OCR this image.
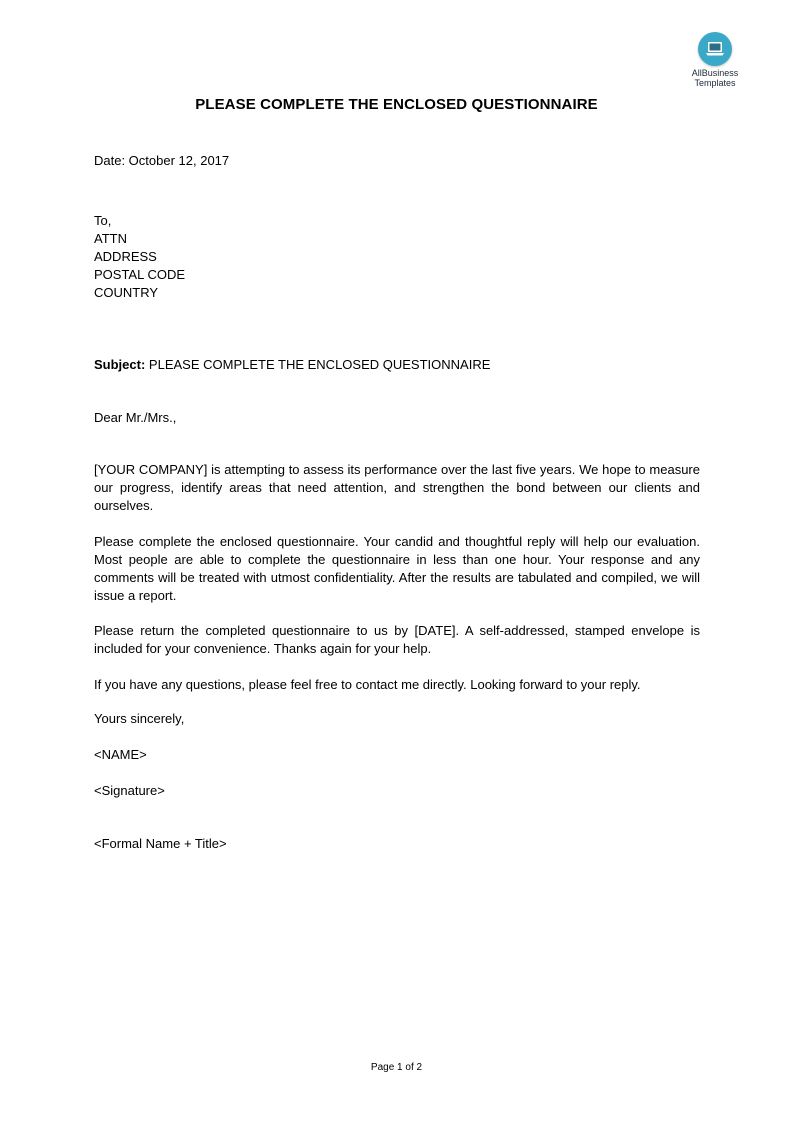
AllBusiness
Templates
PLEASE COMPLETE THE ENCLOSED QUESTIONNAIRE
Date: October 12, 2017
To,
ATTN
ADDRESS
POSTAL CODE
COUNTRY
Subject: PLEASE COMPLETE THE ENCLOSED QUESTIONNAIRE
Dear Mr./Mrs.,
[YOUR COMPANY] is attempting to assess its performance over the last five years. We hope to measure our progress, identify areas that need attention, and strengthen the bond between our clients and ourselves.
Please complete the enclosed questionnaire. Your candid and thoughtful reply will help our evaluation. Most people are able to complete the questionnaire in less than one hour. Your response and any comments will be treated with utmost confidentiality. After the results are tabulated and compiled, we will issue a report.
Please return the completed questionnaire to us by [DATE]. A self-addressed, stamped envelope is included for your convenience. Thanks again for your help.
If you have any questions, please feel free to contact me directly. Looking forward to your reply.
Yours sincerely,
<NAME>
<Signature>
<Formal Name + Title>
Page 1 of 2
